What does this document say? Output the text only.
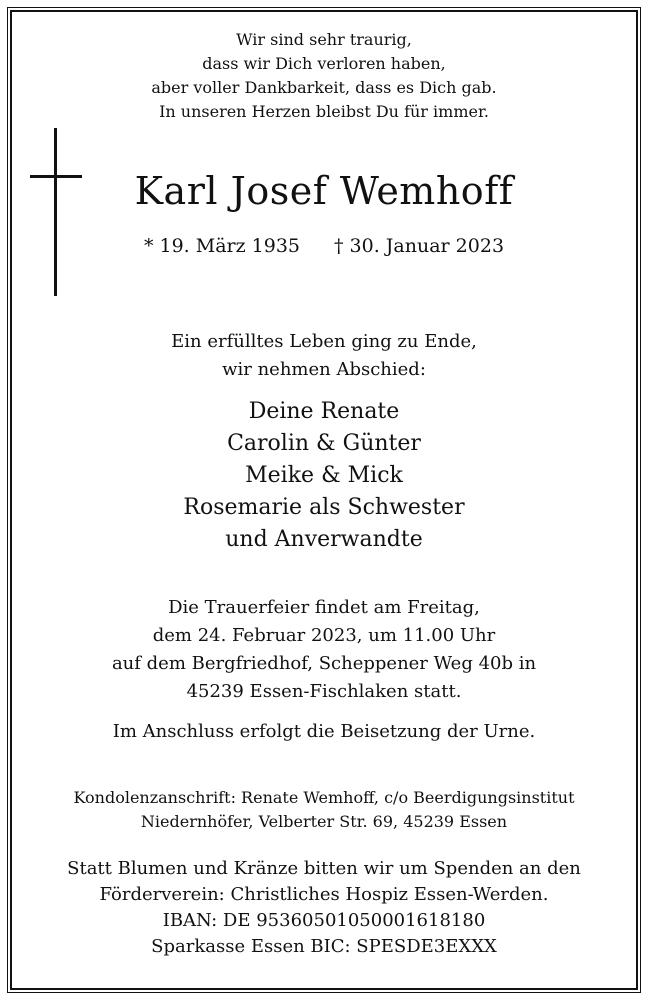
Wir sind sehr traurig,
dass wir Dich verloren haben,
aber voller Dankbarkeit, dass es Dich gab.
In unseren Herzen bleibst Du für immer.
Karl Josef Wemhoff
* 19. März 1935 † 30. Januar 2023
Ein erfülltes Leben ging zu Ende,
wir nehmen Abschied:
Deine Renate
Carolin & Günter
Meike & Mick
Rosemarie als Schwester
und Anverwandte
Die Trauerfeier findet am Freitag,
dem 24. Februar 2023, um 11.00 Uhr
auf dem Bergfriedhof, Scheppener Weg 40b in
45239 Essen-Fischlaken statt.
Im Anschluss erfolgt die Beisetzung der Urne.
Kondolenzanschrift: Renate Wemhoff, c/o Beerdigungsinstitut
Niedernhöfer, Velberter Str. 69, 45239 Essen
Statt Blumen und Kränze bitten wir um Spenden an den
Förderverein: Christliches Hospiz Essen-Werden.
IBAN: DE 95360501050001618180
Sparkasse Essen BIC: SPESDE3EXXX
